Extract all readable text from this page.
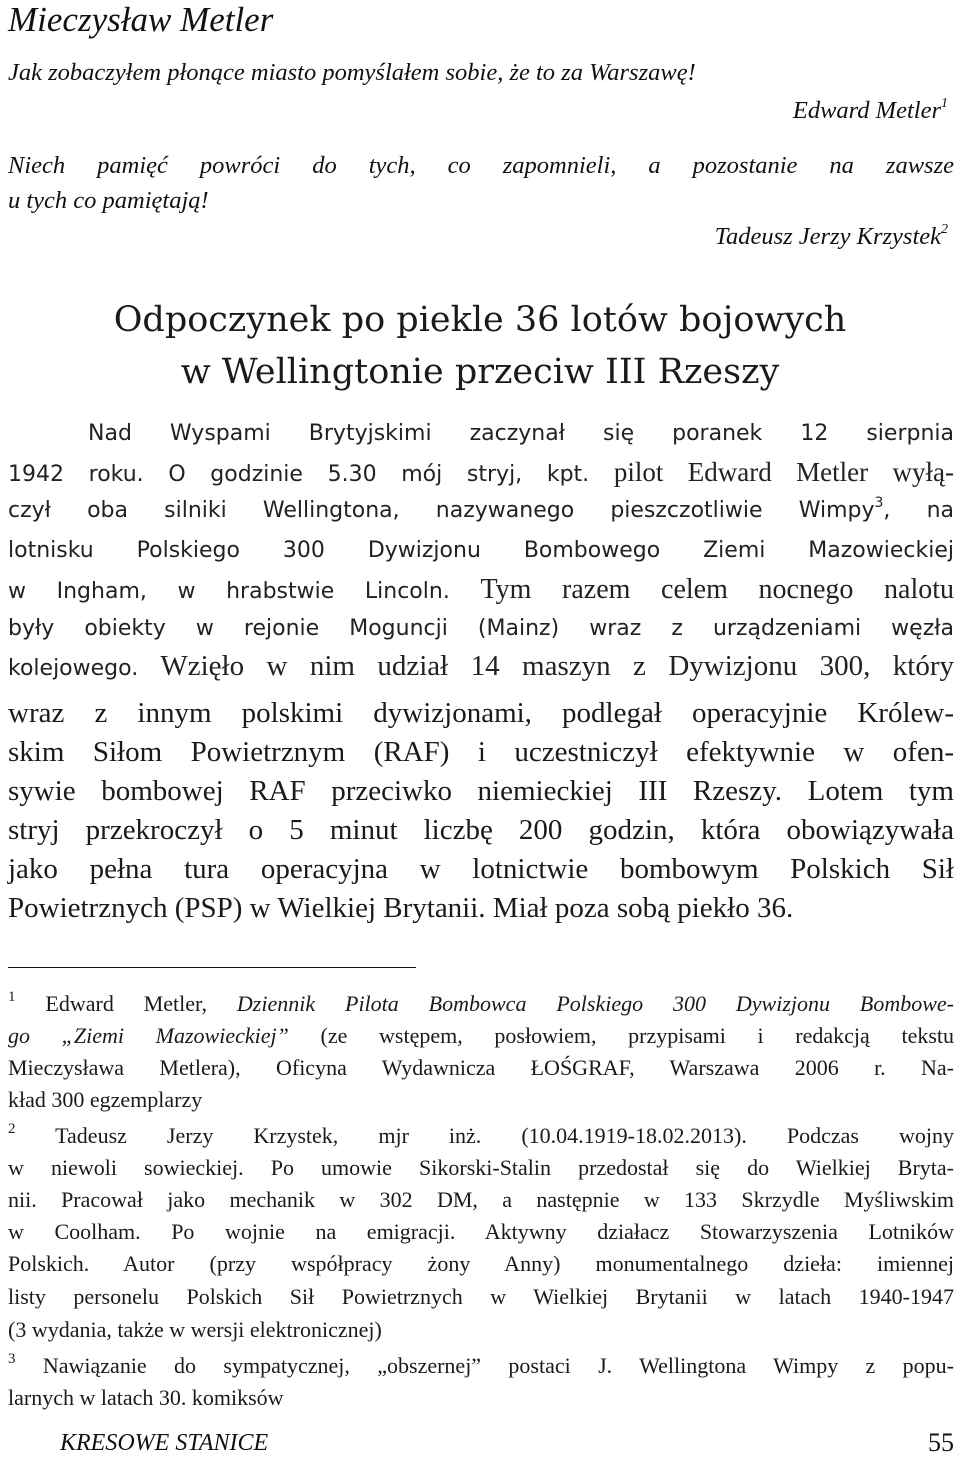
Mieczysław Metler
Jak zobaczyłem płonące miasto pomyślałem sobie, że to za Warszawę!
Edward Metler$^1$
Niech pamięć powróci do tych, co zapomnieli, a pozostanie na zawsze
u tych co pamiętają!
Tadeusz Jerzy Krzystek$^2$
Odpoczynek po piekle 36 lotów bojowych
w Wellingtonie przeciw III Rzeszy
Nad Wyspami Brytyjskimi zaczynał się poranek 12 sierpnia
1942 roku. O godzinie 5.30 mój stryj, kpt. pilot Edward Metler wyłą-
czył oba silniki Wellingtona, nazywanego pieszczotliwie Wimpy$^3$, na
lotnisku Polskiego 300 Dywizjonu Bombowego Ziemi Mazowieckiej
w Ingham, w hrabstwie Lincoln. Tym razem celem nocnego nalotu
były obiekty w rejonie Moguncji (Mainz) wraz z urządzeniami węzła
kolejowego. Wzięło w nim udział 14 maszyn z Dywizjonu 300, który
wraz z innym polskimi dywizjonami, podlegał operacyjnie Królew-
skim Siłom Powietrznym (RAF) i uczestniczył efektywnie w ofen-
sywie bombowej RAF przeciwko niemieckiej III Rzeszy. Lotem tym
stryj przekroczył o 5 minut liczbę 200 godzin, która obowiązywała
jako pełna tura operacyjna w lotnictwie bombowym Polskich Sił
Powietrznych (PSP) w Wielkiej Brytanii. Miał poza sobą piekło 36.
$^1$ Edward Metler, Dziennik Pilota Bombowca Polskiego 300 Dywizjonu Bombowe-
go „Ziemi Mazowieckiej” (ze wstępem, posłowiem, przypisami i redakcją tekstu
Mieczysława Metlera), Oficyna Wydawnicza ŁOŚGRAF, Warszawa 2006 r. Na-
kład 300 egzemplarzy
$^2$ Tadeusz Jerzy Krzystek, mjr inż. (10.04.1919-18.02.2013). Podczas wojny
w niewoli sowieckiej. Po umowie Sikorski-Stalin przedostał się do Wielkiej Bryta-
nii. Pracował jako mechanik w 302 DM, a następnie w 133 Skrzydle Myśliwskim
w Coolham. Po wojnie na emigracji. Aktywny działacz Stowarzyszenia Lotników
Polskich. Autor (przy współpracy żony Anny) monumentalnego dzieła: imiennej
listy personelu Polskich Sił Powietrznych w Wielkiej Brytanii w latach 1940-1947
(3 wydania, także w wersji elektronicznej)
$^3$ Nawiązanie do sympatycznej, „obszernej” postaci J. Wellingtona Wimpy z popu-
larnych w latach 30. komiksów
KRESOWE STANICE	55
